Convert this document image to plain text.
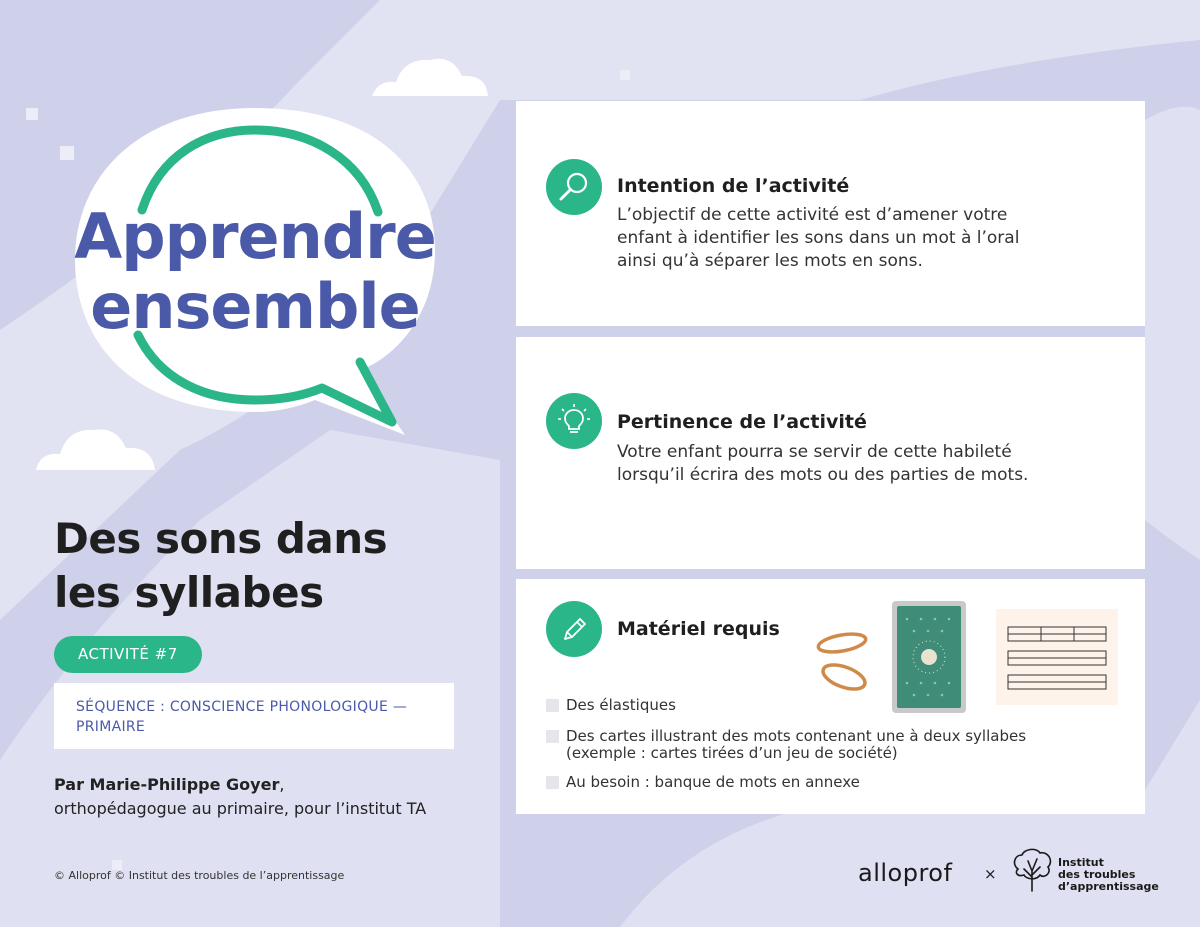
Apprendre
ensemble
Des sons dans
les syllabes
ACTIVITÉ #7
SÉQUENCE : CONSCIENCE PHONOLOGIQUE —
PRIMAIRE
Par Marie-Philippe Goyer,
orthopédagogue au primaire, pour l’institut TA
© Alloprof © Institut des troubles de l’apprentissage
Intention de l’activité
L’objectif de cette activité est d’amener votre
enfant à identifier les sons dans un mot à l’oral
ainsi qu’à séparer les mots en sons.
Pertinence de l’activité
Votre enfant pourra se servir de cette habileté
lorsqu’il écrira des mots ou des parties de mots.
Matériel requis
Des élastiques
Des cartes illustrant des mots contenant une à deux syllabes
(exemple : cartes tirées d’un jeu de société)
Au besoin : banque de mots en annexe
alloprof ×
Institut
des troubles
d’apprentissage
